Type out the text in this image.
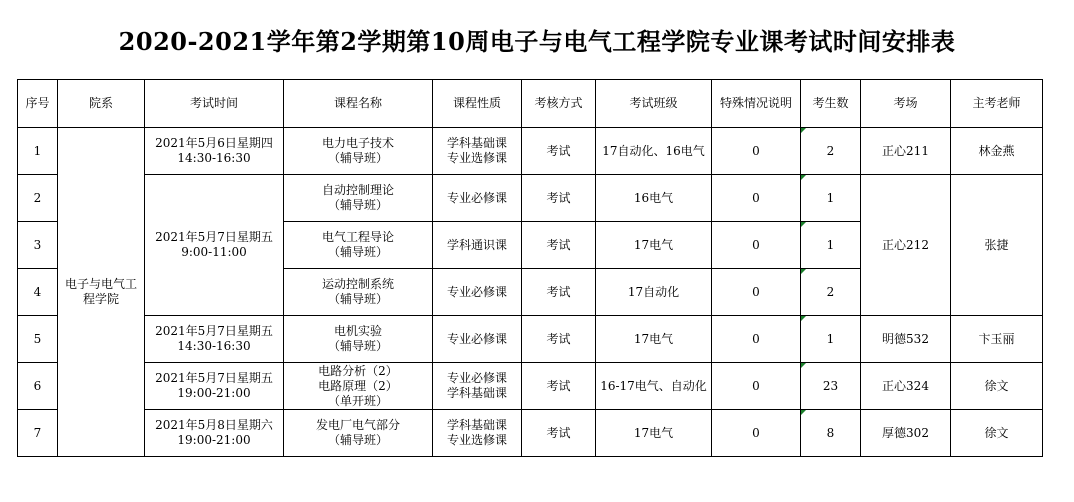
2020-2021学年第2学期第10周电子与电气工程学院专业课考试时间安排表
序号	院系	考试时间	课程名称	课程性质	考核方式	考试班级	特殊情况说明	考生数	考场	主考老师
1	电子与电气工程学院	2021年5月6日星期四
14:30-16:30	电力电子技术
（辅导班）	学科基础课
专业选修课	考试	17自动化、16电气	0	2	正心211	林金燕
2		2021年5月7日星期五
9:00-11:00	自动控制理论
（辅导班）	专业必修课	考试	16电气	0	1	正心212	张捷
3			电气工程导论
（辅导班）	学科通识课	考试	17电气	0	1		
4			运动控制系统
（辅导班）	专业必修课	考试	17自动化	0	2		
5		2021年5月7日星期五
14:30-16:30	电机实验
（辅导班）	专业必修课	考试	17电气	0	1	明德532	卞玉丽
6		2021年5月7日星期五
19:00-21:00	电路分析（2）
电路原理（2）
（单开班）	专业必修课
学科基础课	考试	16-17电气、自动化	0	23	正心324	徐文
7		2021年5月8日星期六
19:00-21:00	发电厂电气部分
（辅导班）	学科基础课
专业选修课	考试	17电气	0	8	厚德302	徐文
